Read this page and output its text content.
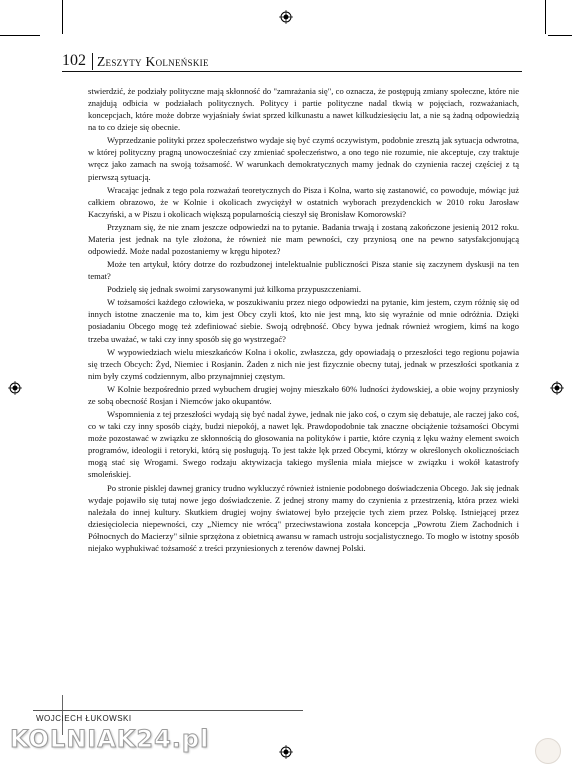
102 Zeszyty Kolneńskie

stwierdzić, że podziały polityczne mają skłonność do "zamrażania się", co oznacza, że postępują zmiany społeczne, które nie znajdują odbicia w podziałach politycznych. Politycy i partie polityczne nadal tkwią w pojęciach, rozważaniach, koncepcjach, które może dobrze wyjaśniały świat sprzed kilkunastu a nawet kilkudziesięciu lat, a nie są żadną odpowiedzią na to co dzieje się obecnie.

Wyprzedzanie polityki przez społeczeństwo wydaje się być czymś oczywistym, podobnie zresztą jak sytuacja odwrotna, w której polityczny pragną unowocześniać czy zmieniać społeczeństwo, a ono tego nie rozumie, nie akceptuje, czy traktuje wręcz jako zamach na swoją tożsamość. W warunkach demokratycznych mamy jednak do czynienia raczej częściej z tą pierwszą sytuacją.

Wracając jednak z tego pola rozważań teoretycznych do Pisza i Kolna, warto się zastanowić, co powoduje, mówiąc już całkiem obrazowo, że w Kolnie i okolicach zwyciężył w ostatnich wyborach prezydenckich w 2010 roku Jarosław Kaczyński, a w Piszu i okolicach większą popularnością cieszył się Bronisław Komorowski?

Przyznam się, że nie znam jeszcze odpowiedzi na to pytanie. Badania trwają i zostaną zakończone jesienią 2012 roku. Materia jest jednak na tyle złożona, że również nie mam pewności, czy przyniosą one na pewno satysfakcjonującą odpowiedź. Może nadal pozostaniemy w kręgu hipotez?

Może ten artykuł, który dotrze do rozbudzonej intelektualnie publiczności Pisza stanie się zaczynem dyskusji na ten temat?

Podzielę się jednak swoimi zarysowanymi już kilkoma przypuszczeniami.

W tożsamości każdego człowieka, w poszukiwaniu przez niego odpowiedzi na pytanie, kim jestem, czym różnię się od innych istotne znaczenie ma to, kim jest Obcy czyli ktoś, kto nie jest mną, kto się wyraźnie od mnie odróżnia. Dzięki posiadaniu Obcego mogę też zdefiniować siebie. Swoją odrębność. Obcy bywa jednak również wrogiem, kimś na kogo trzeba uważać, w taki czy inny sposób się go wystrzegać?

W wypowiedziach wielu mieszkańców Kolna i okolic, zwłaszcza, gdy opowiadają o przeszłości tego regionu pojawia się trzech Obcych: Żyd, Niemiec i Rosjanin. Żaden z nich nie jest fizycznie obecny tutaj, jednak w przeszłości spotkania z nim były czymś codziennym, albo przynajmniej częstym.

W Kolnie bezpośrednio przed wybuchem drugiej wojny mieszkało 60% ludności żydowskiej, a obie wojny przyniosły ze sobą obecność Rosjan i Niemców jako okupantów.

Wspomnienia z tej przeszłości wydają się być nadal żywe, jednak nie jako coś, o czym się debatuje, ale raczej jako coś, co w taki czy inny sposób ciąży, budzi niepokój, a nawet lęk. Prawdopodobnie tak znaczne obciążenie tożsamości Obcymi może pozostawać w związku ze skłonnością do głosowania na polityków i partie, które czynią z lęku ważny element swoich programów, ideologii i retoryki, którą się posługują. To jest także lęk przed Obcymi, którzy w określonych okolicznościach mogą stać się Wrogami. Swego rodzaju aktywizacja takiego myślenia miała miejsce w związku i wokół katastrofy smoleńskiej.

Po stronie pisklej dawnej granicy trudno wykluczyć również istnienie podobnego doświadczenia Obcego. Jak się jednak wydaje pojawiło się tutaj nowe jego doświadczenie. Z jednej strony mamy do czynienia z przestrzenią, która przez wieki należała do innej kultury. Skutkiem drugiej wojny światowej było przejęcie tych ziem przez Polskę. Istniejącej przez dziesięciolecia niepewności, czy „Niemcy nie wrócą" przeciwstawiona została koncepcja „Powrotu Ziem Zachodnich i Północnych do Macierzy" silnie sprzężona z obietnicą awansu w ramach ustroju socjalistycznego. To mogło w istotny sposób niejako wyphukiwać tożsamość z treści przyniesionych z terenów dawnej Polski.

WOJCIECH ŁUKOWSKI
KOLNIAK24.pl
